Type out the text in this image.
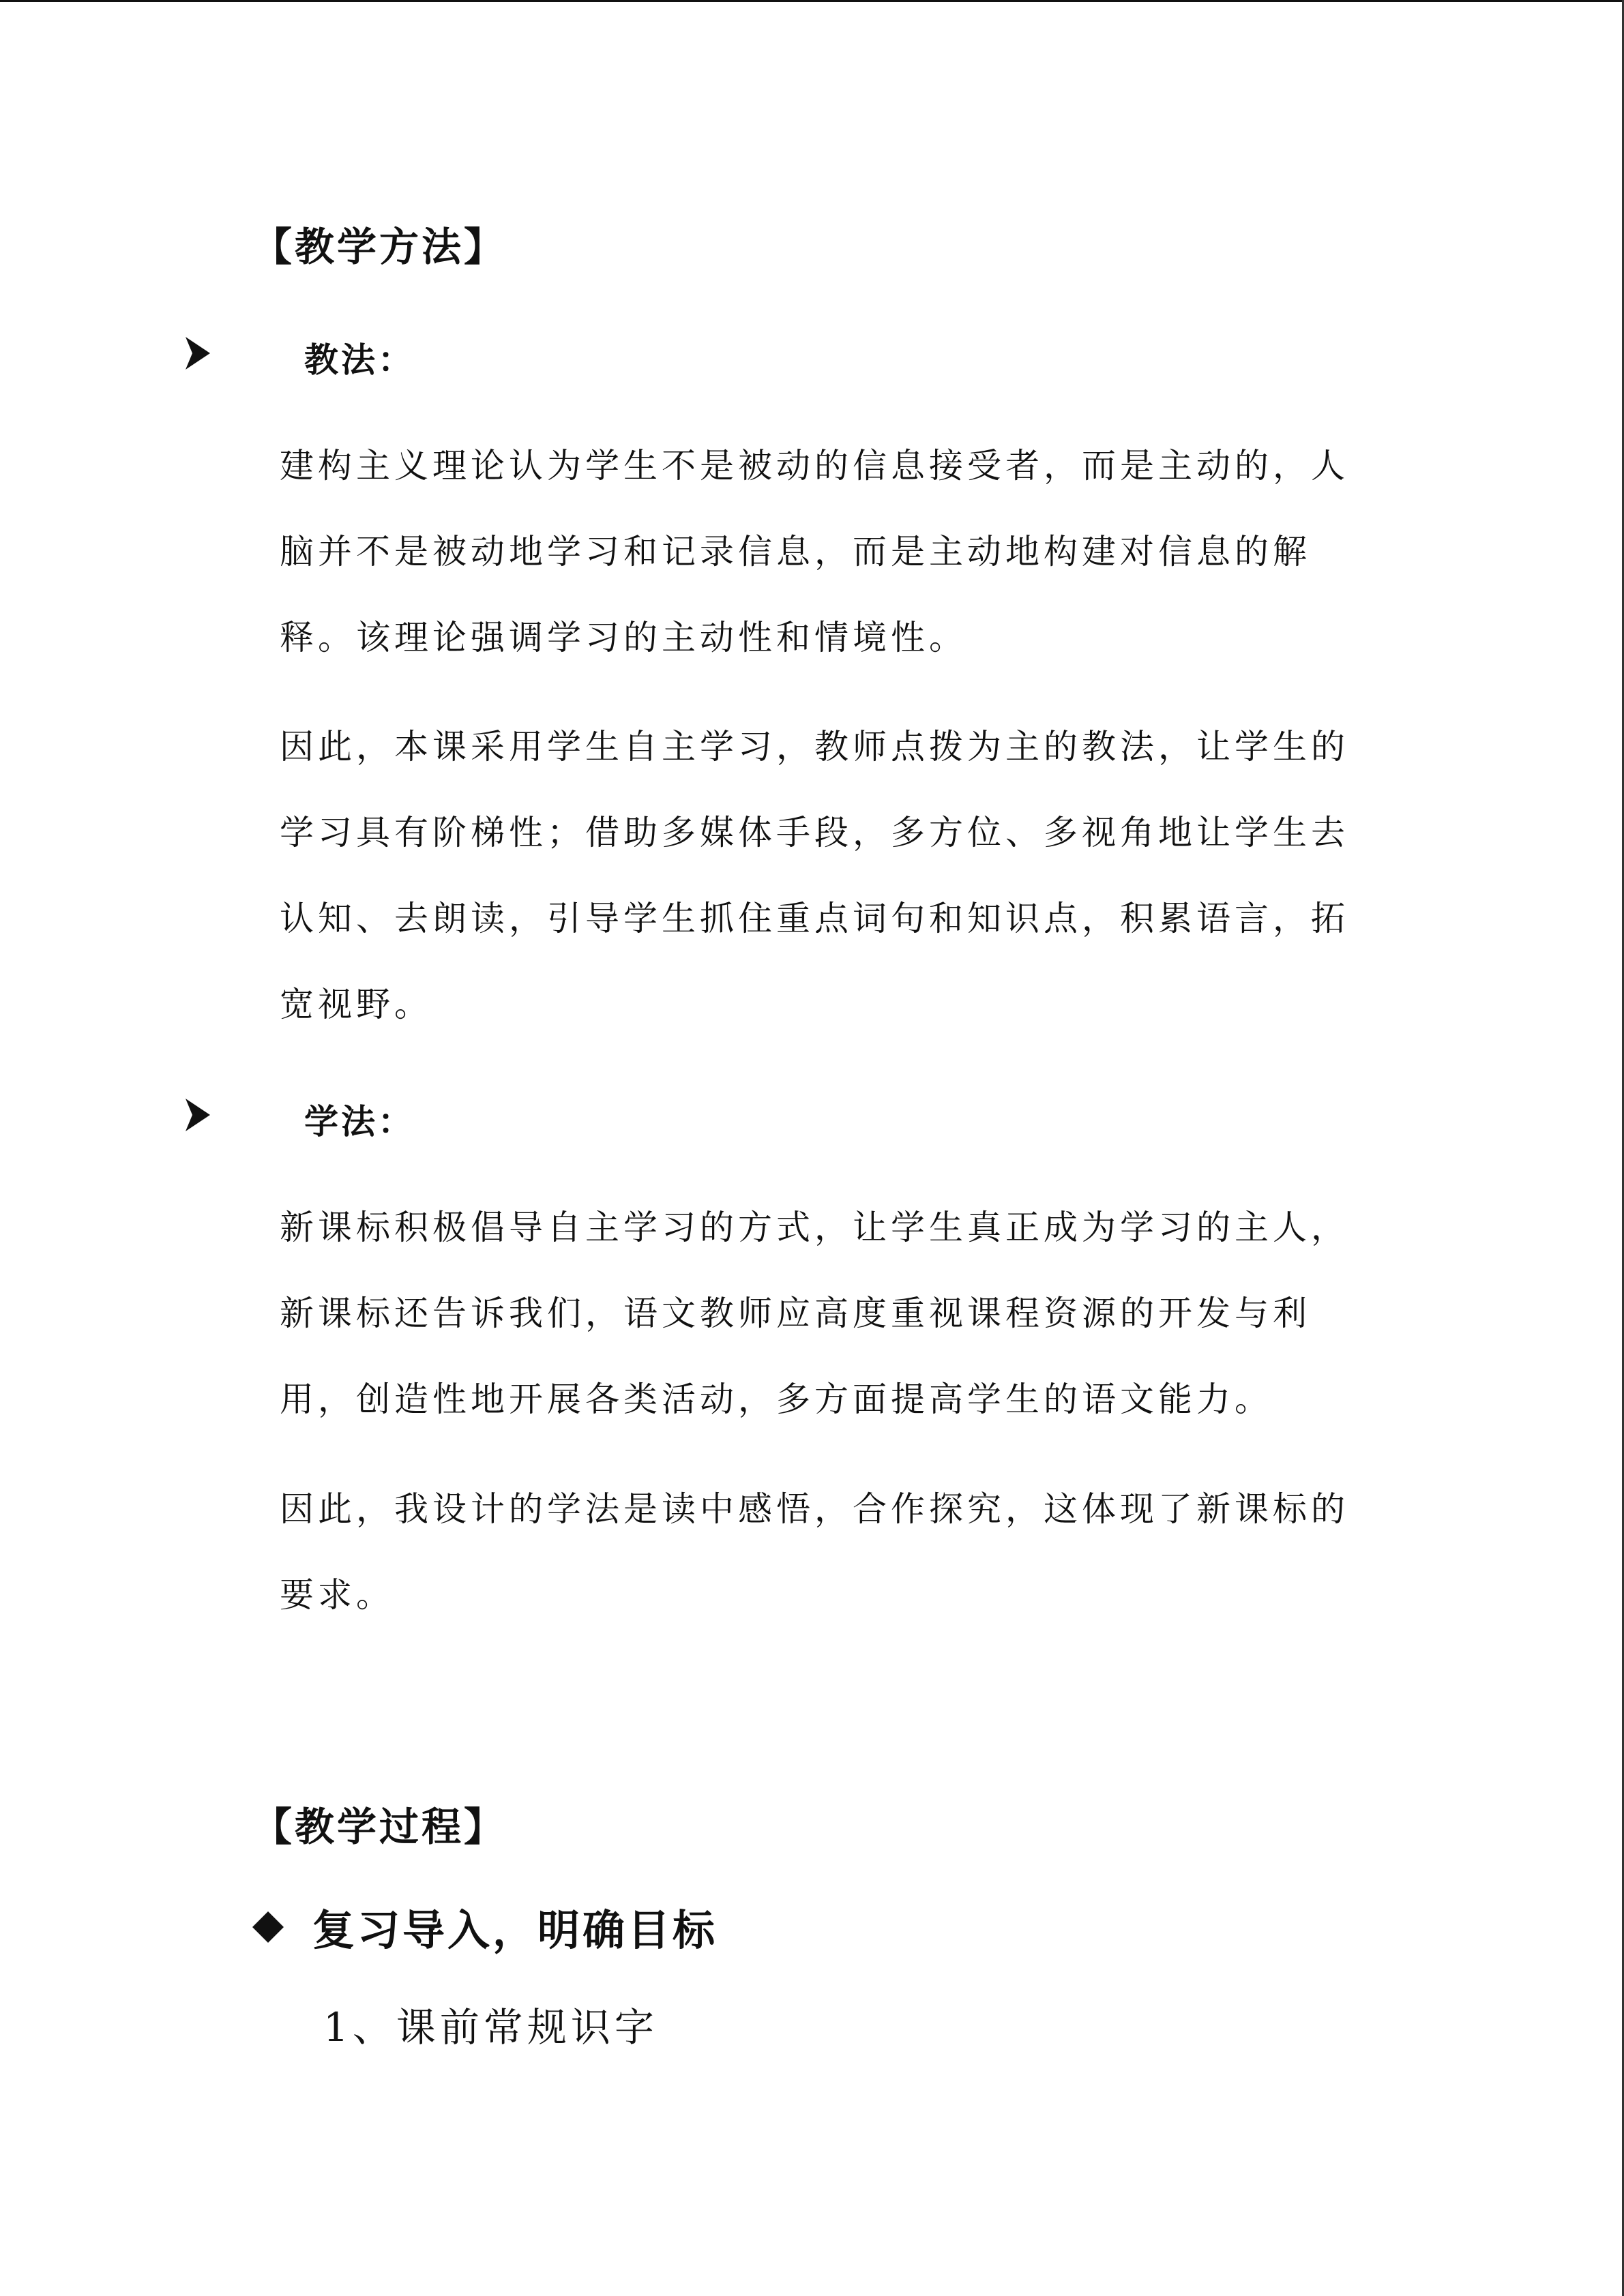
【教学方法】
教法：
建构主义理论认为学生不是被动的信息接受者，而是主动的，人
脑并不是被动地学习和记录信息，而是主动地构建对信息的解
释。该理论强调学习的主动性和情境性。
因此，本课采用学生自主学习，教师点拨为主的教法，让学生的
学习具有阶梯性；借助多媒体手段，多方位、多视角地让学生去
认知、去朗读，引导学生抓住重点词句和知识点，积累语言，拓
宽视野。
学法：
新课标积极倡导自主学习的方式，让学生真正成为学习的主人，
新课标还告诉我们，语文教师应高度重视课程资源的开发与利
用，创造性地开展各类活动，多方面提高学生的语文能力。
因此，我设计的学法是读中感悟，合作探究，这体现了新课标的
要求。
【教学过程】
复习导入，明确目标
1、课前常规识字
